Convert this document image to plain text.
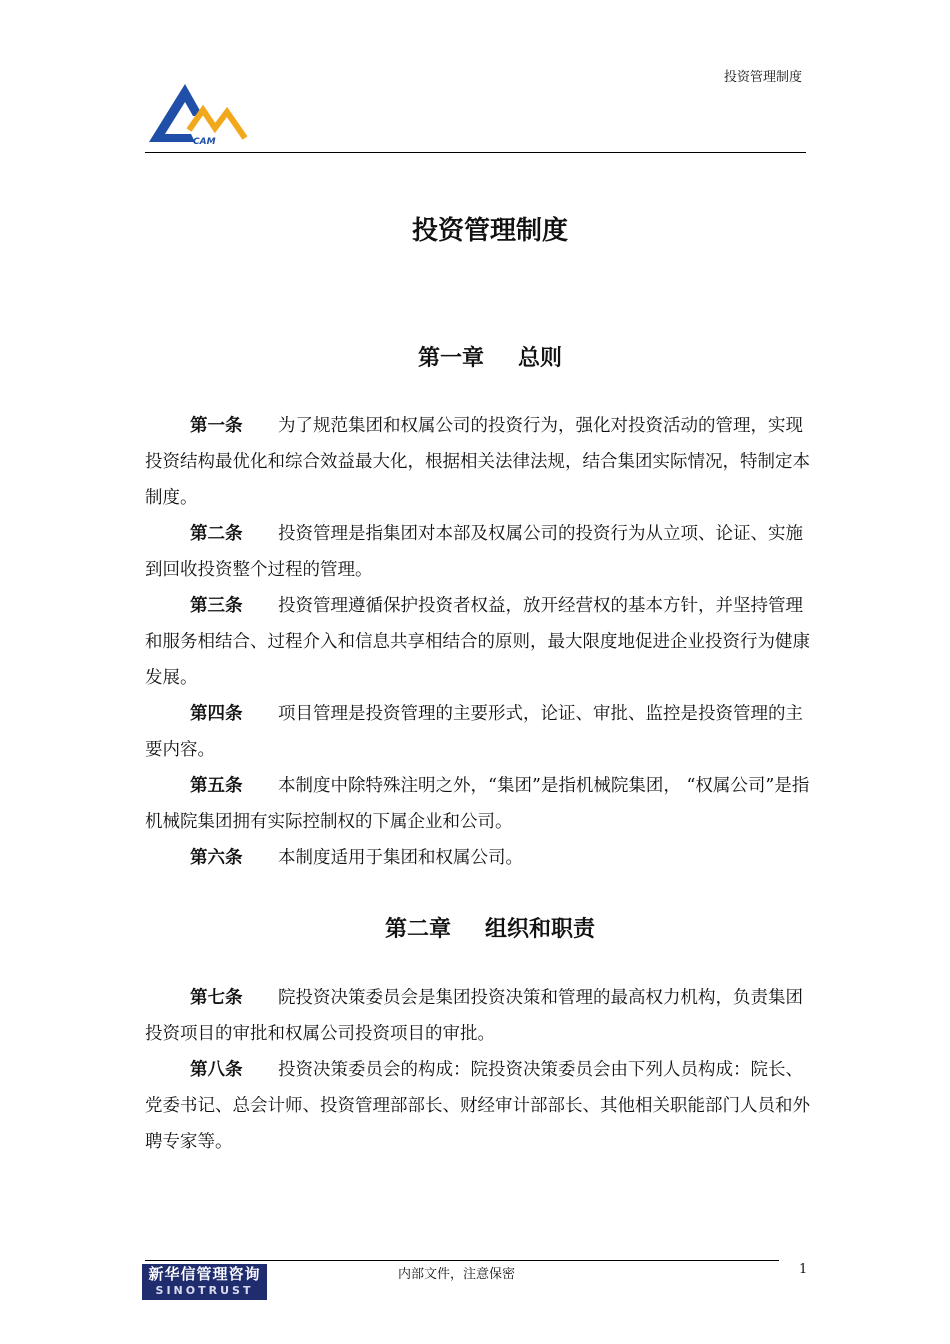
投资管理制度
CAM
投资管理制度
第一章 总则

第一条 为了规范集团和权属公司的投资行为，强化对投资活动的管理，实现投资结构最优化和综合效益最大化，根据相关法律法规，结合集团实际情况，特制定本制度。

第二条 投资管理是指集团对本部及权属公司的投资行为从立项、论证、实施到回收投资整个过程的管理。

第三条 投资管理遵循保护投资者权益，放开经营权的基本方针，并坚持管理和服务相结合、过程介入和信息共享相结合的原则，最大限度地促进企业投资行为健康发展。

第四条 项目管理是投资管理的主要形式，论证、审批、监控是投资管理的主要内容。

第五条 本制度中除特殊注明之外，“集团”是指机械院集团， “权属公司”是指机械院集团拥有实际控制权的下属企业和公司。

第六条 本制度适用于集团和权属公司。

第二章 组织和职责

第七条 院投资决策委员会是集团投资决策和管理的最高权力机构，负责集团投资项目的审批和权属公司投资项目的审批。

第八条 投资决策委员会的构成：院投资决策委员会由下列人员构成：院长、党委书记、总会计师、投资管理部部长、财经审计部部长、其他相关职能部门人员和外聘专家等。

新华信管理咨询
SINOTRUST
内部文件，注意保密	1
